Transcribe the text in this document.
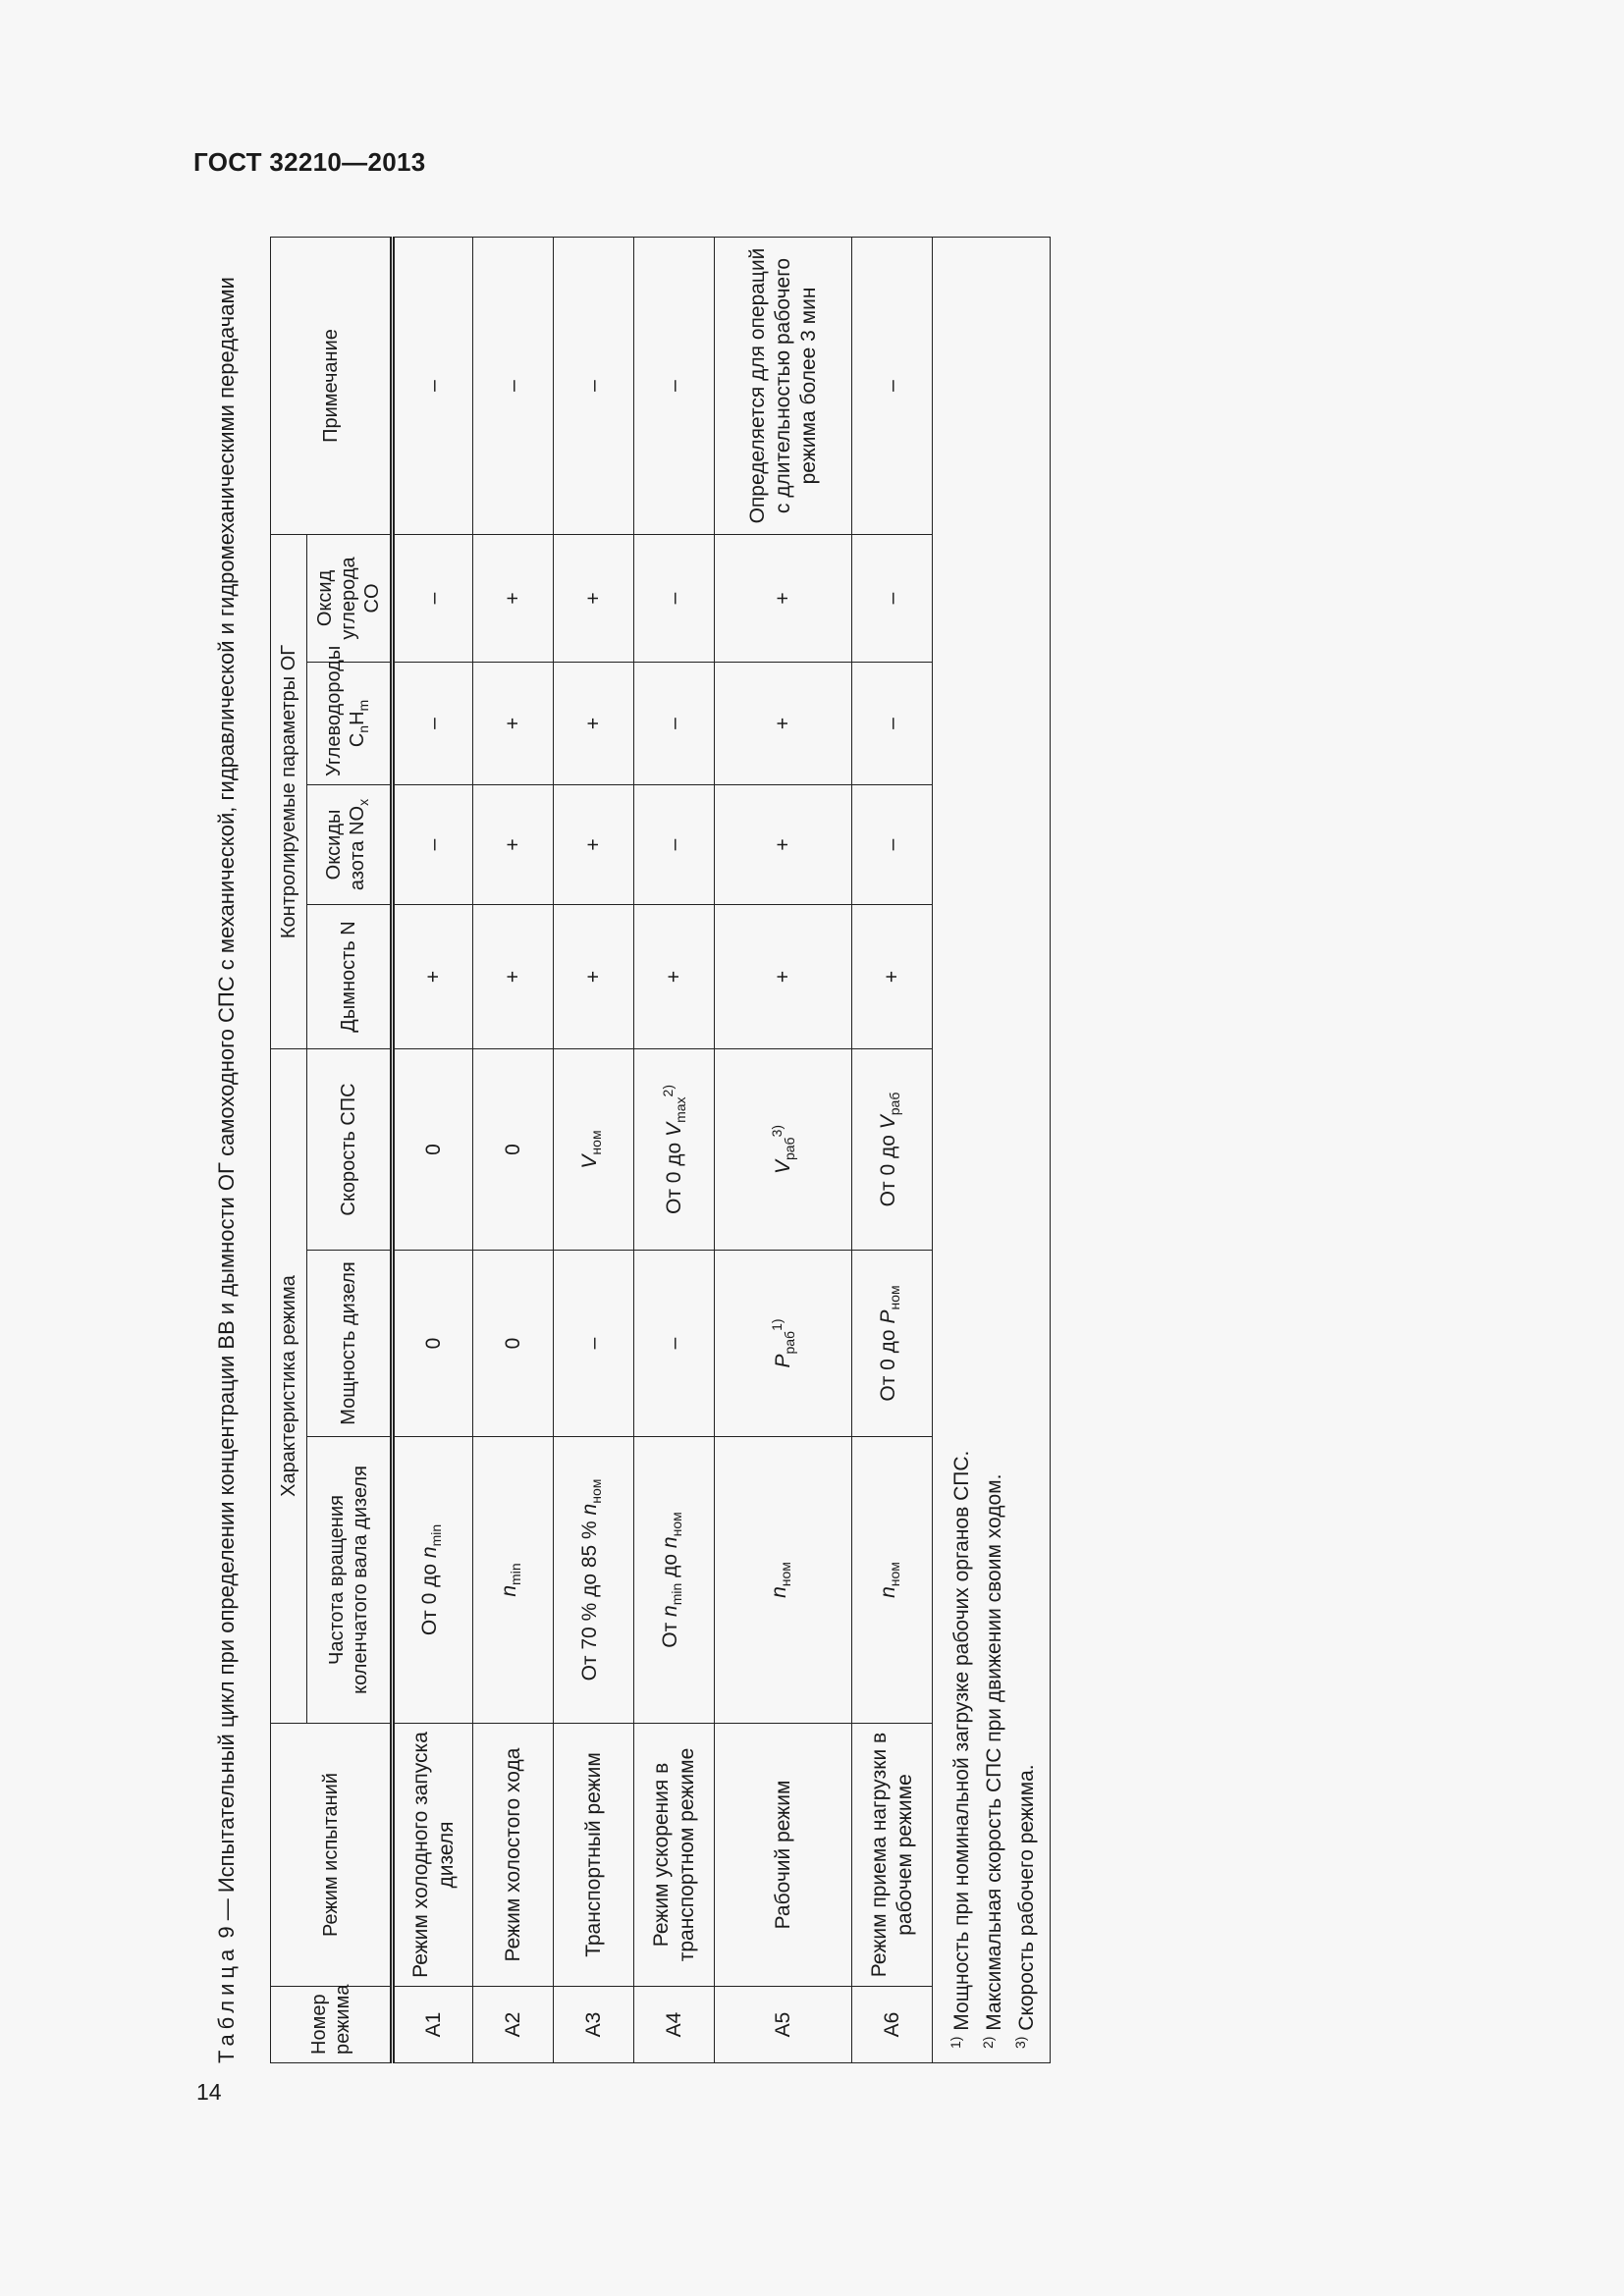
ГОСТ 32210—2013
Таблица 9 — Испытательный цикл при определении концентрации ВВ и дымности ОГ самоходного СПС с механической, гидравлической и гидромеханическими передачами
Номер режима	Режим испытаний	Характеристика режима			Контролируемые параметры ОГ				Примечание
		Частота вращения коленчатого вала дизеля	Мощность дизеля	Скорость СПС	Дымность N	Оксиды азота $NO_x$	Углеводороды $C_nH_m$	Оксид углерода CO	
А1	Режим холодного запуска дизеля	От 0 до $n_{min}$	0	0	+	–	–	–	–
А2	Режим холостого хода	$n_{min}$	0	0	+	+	+	+	–
А3	Транспортный режим	От 70 % до 85 % $n_{ном}$	–	$V_{ном}$	+	+	+	+	–
А4	Режим ускорения в транспортном режиме	От $n_{min}$ до $n_{ном}$	–	От 0 до $V_{max}^{2)}$	+	–	–	–	–
А5	Рабочий режим	$n_{ном}$	$P_{раб}^{1)}$	$V_{раб}^{3)}$	+	+	+	+	Определяется для операций с длительностью рабочего режима более 3 мин
А6	Режим приема нагрузки в рабочем режиме	$n_{ном}$	От 0 до $P_{ном}$	От 0 до $V_{раб}$	+	–	–	–	–

$^{1)}$ Мощность при номинальной загрузке рабочих органов СПС.
$^{2)}$ Максимальная скорость СПС при движении своим ходом.
$^{3)}$ Скорость рабочего режима.									
14
